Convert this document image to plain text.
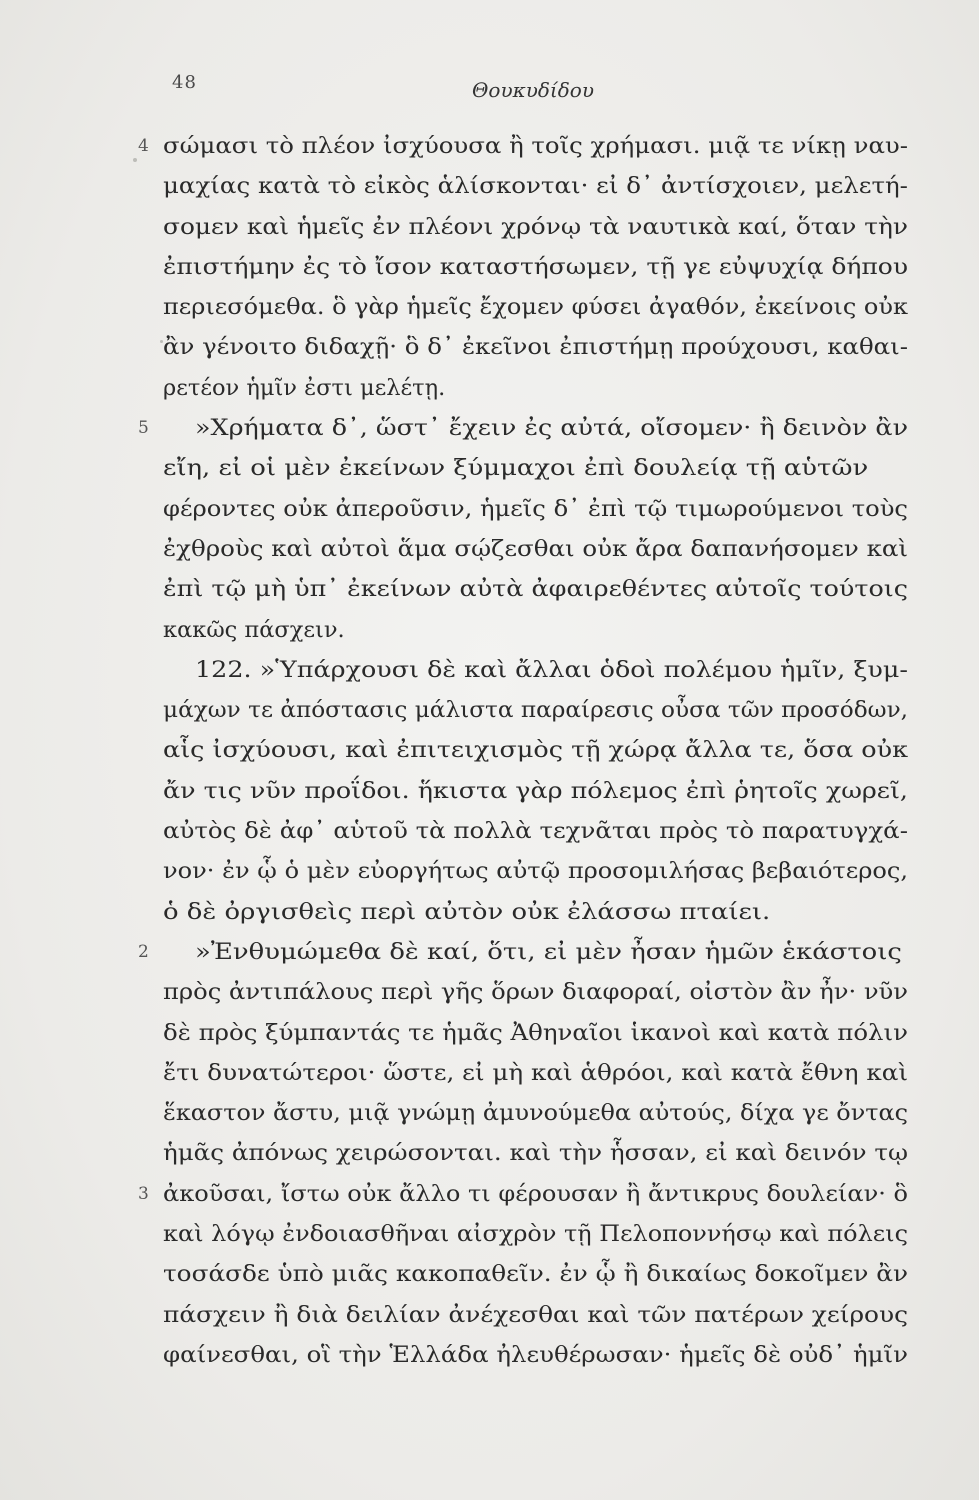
48	Θουκυδίδου
4 σώμασι τὸ πλέον ἰσχύουσα ἢ τοῖς χρήμασι. μιᾷ τε νίκῃ ναυ-
μαχίας κατὰ τὸ εἰκὸς ἁλίσκονται· εἰ δ᾽ ἀντίσχοιεν, μελετή-
σομεν καὶ ἡμεῖς ἐν πλέονι χρόνῳ τὰ ναυτικὰ καί, ὅταν τὴν
ἐπιστήμην ἐς τὸ ἴσον καταστήσωμεν, τῇ γε εὐψυχίᾳ δήπου
περιεσόμεθα. ὃ γὰρ ἡμεῖς ἔχομεν φύσει ἀγαθόν, ἐκείνοις οὐκ
ἂν γένοιτο διδαχῇ· ὃ δ᾽ ἐκεῖνοι ἐπιστήμῃ προύχουσι, καθαι-
ρετέον ἡμῖν ἐστι μελέτῃ.
5 »Χρήματα δ᾽, ὥστ᾽ ἔχειν ἐς αὐτά, οἴσομεν· ἢ δεινὸν ἂν
εἴη, εἰ οἱ μὲν ἐκείνων ξύμμαχοι ἐπὶ δουλείᾳ τῇ αὑτῶν
φέροντες οὐκ ἀπεροῦσιν, ἡμεῖς δ᾽ ἐπὶ τῷ τιμωρούμενοι τοὺς
ἐχθροὺς καὶ αὐτοὶ ἅμα σῴζεσθαι οὐκ ἄρα δαπανήσομεν καὶ
ἐπὶ τῷ μὴ ὑπ᾽ ἐκείνων αὐτὰ ἀφαιρεθέντες αὐτοῖς τούτοις
κακῶς πάσχειν.
122. »Ὑπάρχουσι δὲ καὶ ἄλλαι ὁδοὶ πολέμου ἡμῖν, ξυμ-
μάχων τε ἀπόστασις μάλιστα παραίρεσις οὖσα τῶν προσόδων,
αἷς ἰσχύουσι, καὶ ἐπιτειχισμὸς τῇ χώρᾳ ἄλλα τε, ὅσα οὐκ
ἄν τις νῦν προΐδοι. ἥκιστα γὰρ πόλεμος ἐπὶ ῥητοῖς χωρεῖ,
αὐτὸς δὲ ἀφ᾽ αὑτοῦ τὰ πολλὰ τεχνᾶται πρὸς τὸ παρατυγχά-
νον· ἐν ᾧ ὁ μὲν εὐοργήτως αὐτῷ προσομιλήσας βεβαιότερος,
ὁ δὲ ὀργισθεὶς περὶ αὐτὸν οὐκ ἐλάσσω πταίει.
2 »Ἐνθυμώμεθα δὲ καί, ὅτι, εἰ μὲν ἦσαν ἡμῶν ἑκάστοις
πρὸς ἀντιπάλους περὶ γῆς ὅρων διαφοραί, οἰστὸν ἂν ἦν· νῦν
δὲ πρὸς ξύμπαντάς τε ἡμᾶς Ἀθηναῖοι ἱκανοὶ καὶ κατὰ πόλιν
ἔτι δυνατώτεροι· ὥστε, εἰ μὴ καὶ ἁθρόοι, καὶ κατὰ ἔθνη καὶ
ἕκαστον ἄστυ, μιᾷ γνώμῃ ἀμυνούμεθα αὐτούς, δίχα γε ὄντας
ἡμᾶς ἀπόνως χειρώσονται. καὶ τὴν ἧσσαν, εἰ καὶ δεινόν τῳ
3 ἀκοῦσαι, ἴστω οὐκ ἄλλο τι φέρουσαν ἢ ἄντικρυς δουλείαν· ὃ
καὶ λόγῳ ἐνδοιασθῆναι αἰσχρὸν τῇ Πελοποννήσῳ καὶ πόλεις
τοσάσδε ὑπὸ μιᾶς κακοπαθεῖν. ἐν ᾧ ἢ δικαίως δοκοῖμεν ἂν
πάσχειν ἢ διὰ δειλίαν ἀνέχεσθαι καὶ τῶν πατέρων χείρους
φαίνεσθαι, οἳ τὴν Ἑλλάδα ἠλευθέρωσαν· ἡμεῖς δὲ οὐδ᾽ ἡμῖν
